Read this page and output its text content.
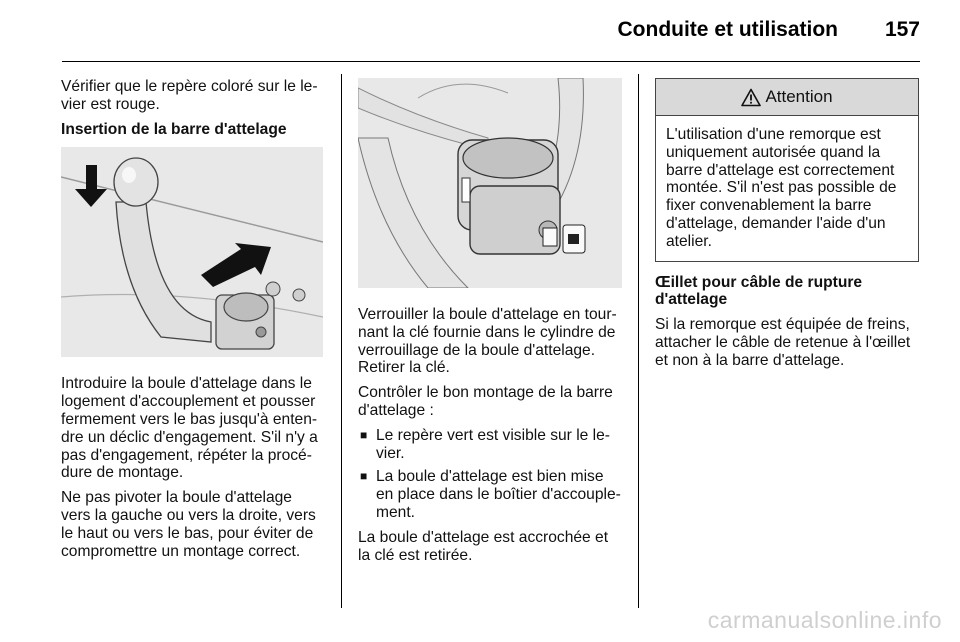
Conduite et utilisation 157

Vérifier que le repère coloré sur le le- vier est rouge.

Insertion de la barre d'attelage

Introduire la boule d'attelage dans le logement d'accouplement et pousser fermement vers le bas jusqu'à enten- dre un déclic d'engagement. S'il n'y a pas d'engagement, répéter la procé- dure de montage.

Ne pas pivoter la boule d'attelage vers la gauche ou vers la droite, vers le haut ou vers le bas, pour éviter de compromettre un montage correct.

Verrouiller la boule d'attelage en tour- nant la clé fournie dans le cylindre de verrouillage de la boule d'attelage. Retirer la clé.

Contrôler le bon montage de la barre d'attelage :

■ Le repère vert est visible sur le le- vier.
■ La boule d'attelage est bien mise en place dans le boîtier d'accouple- ment.

La boule d'attelage est accrochée et la clé est retirée.

Attention
L'utilisation d'une remorque est uniquement autorisée quand la barre d'attelage est correctement montée. S'il n'est pas possible de fixer convenablement la barre d'attelage, demander l'aide d'un atelier.

Œillet pour câble de rupture d'attelage

Si la remorque est équipée de freins, attacher le câble de retenue à l'œillet et non à la barre d'attelage.

carmanualsonline.info
